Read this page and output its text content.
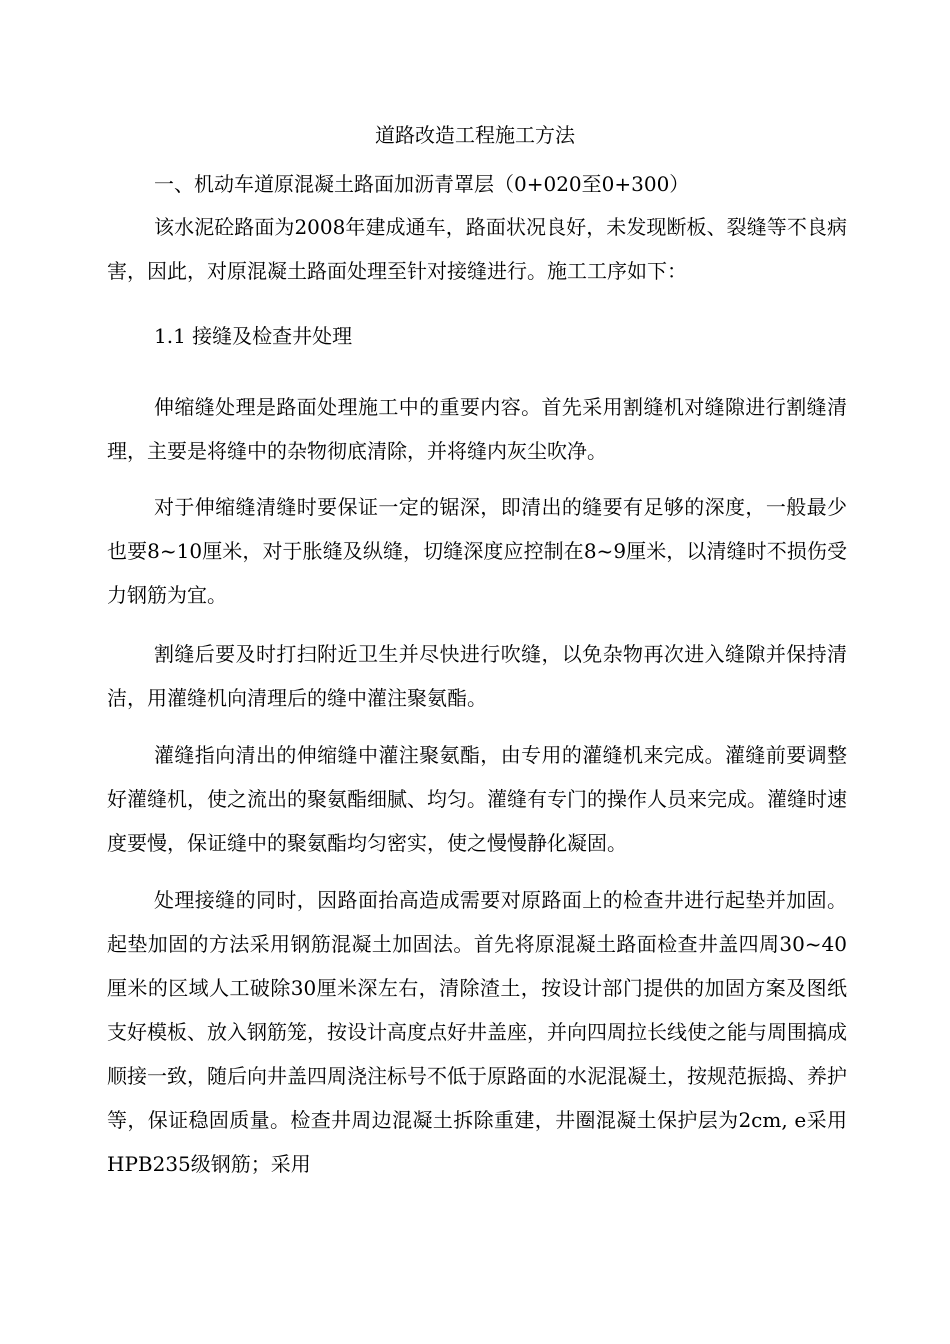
道路改造工程施工方法
一、机动车道原混凝土路面加沥青罩层（0+020至0+300）
该水泥砼路面为2008年建成通车，路面状况良好，未发现断板、裂缝等不良病害，因此，对原混凝土路面处理至针对接缝进行。施工工序如下：
1.1 接缝及检查井处理
伸缩缝处理是路面处理施工中的重要内容。首先采用割缝机对缝隙进行割缝清理，主要是将缝中的杂物彻底清除，并将缝内灰尘吹净。
对于伸缩缝清缝时要保证一定的锯深，即清出的缝要有足够的深度，一般最少也要8~10厘米，对于胀缝及纵缝，切缝深度应控制在8~9厘米，以清缝时不损伤受力钢筋为宜。
割缝后要及时打扫附近卫生并尽快进行吹缝，以免杂物再次进入缝隙并保持清洁，用灌缝机向清理后的缝中灌注聚氨酯。
灌缝指向清出的伸缩缝中灌注聚氨酯，由专用的灌缝机来完成。灌缝前要调整好灌缝机，使之流出的聚氨酯细腻、均匀。灌缝有专门的操作人员来完成。灌缝时速度要慢，保证缝中的聚氨酯均匀密实，使之慢慢静化凝固。
处理接缝的同时，因路面抬高造成需要对原路面上的检查井进行起垫并加固。起垫加固的方法采用钢筋混凝土加固法。首先将原混凝土路面检查井盖四周30~40厘米的区域人工破除30厘米深左右，清除渣土，按设计部门提供的加固方案及图纸支好模板、放入钢筋笼，按设计高度点好井盖座，并向四周拉长线使之能与周围搞成顺接一致，随后向井盖四周浇注标号不低于原路面的水泥混凝土，按规范振捣、养护等，保证稳固质量。检查井周边混凝土拆除重建，井圈混凝土保护层为2cm, e采用HPB235级钢筋；采用
